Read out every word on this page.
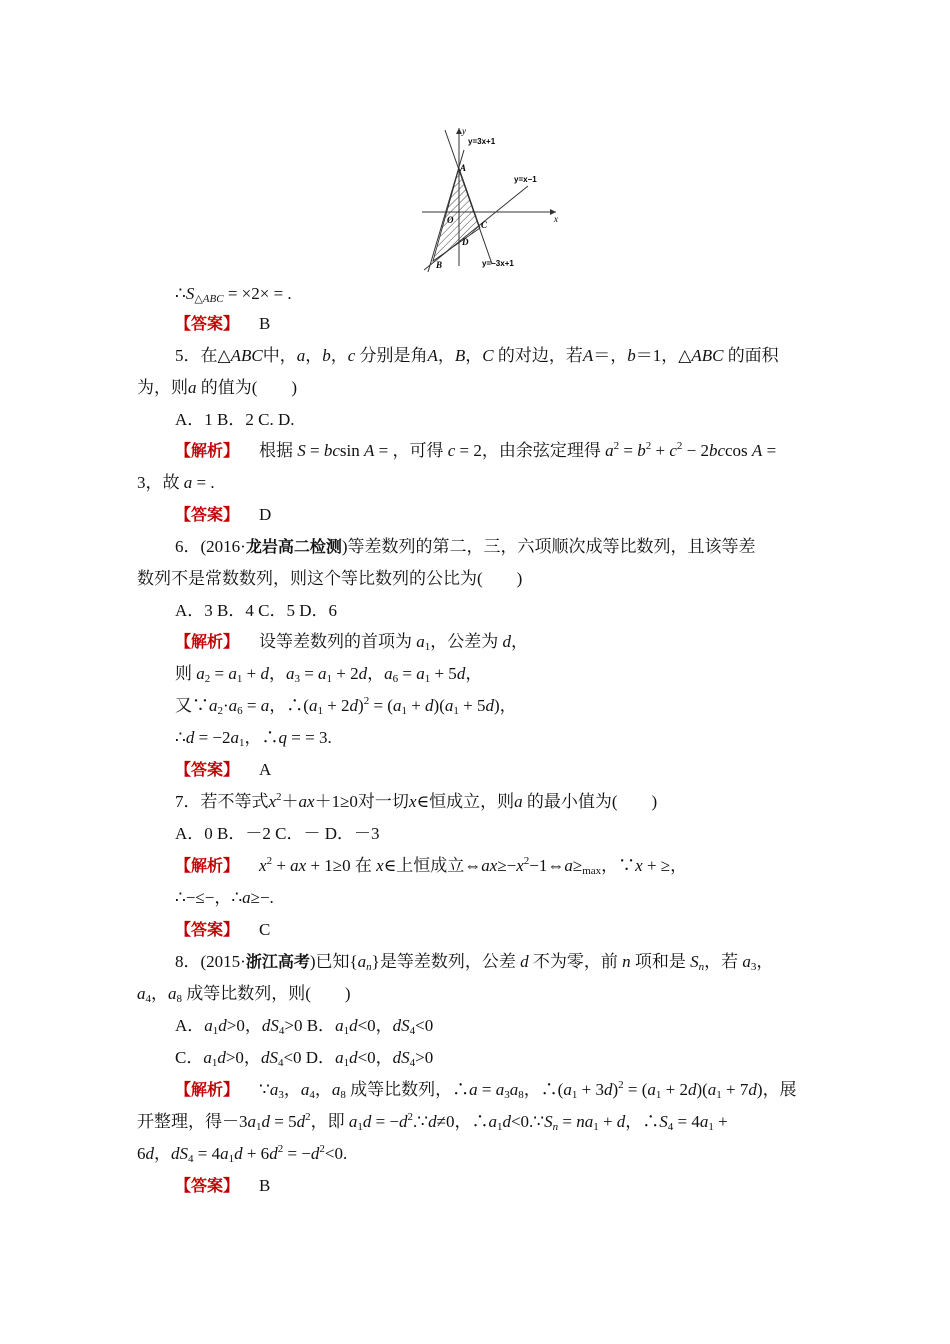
y
x
y=3x+1
y=x−1
y=−3x+1
A
B
C
D
O
$\therefore S_{\triangle ABC} = \times 2\times$ = .
【答案】 B
5．在△ABC中，a，b，c 分别是角A，B，C 的对边，若A＝，b＝1，△ABC 的面积
为，则a 的值为(　　)
A．1 B．2 C. D.
【解析】 根据 S = bcsin A = ，可得 c = 2，由余弦定理得 $a^2 = b^2 + c^2 - 2bccos$ A =
3，故 a = .
【答案】 D
6．(2016·龙岩高二检测)等差数列的第二，三，六项顺次成等比数列，且该等差
数列不是常数数列，则这个等比数列的公比为(　　)
A．3 B．4 C．5 D．6
【解析】 设等差数列的首项为 $a_1$，公差为 d，
则 $a_2 = a_1 + d$，$a_3 = a_1 + 2d$，$a_6 = a_1 + 5d$，
又$\because a_2\cdot a_6 = a$，$\therefore(a_1 + 2d)^2 = (a_1 + d)(a_1 + 5d)$，
∴d = $-2a_1$，∴q = = 3.
【答案】 A
7．若不等式$x^2+ax+1\ge 0$对一切x∈恒成立，则a 的最小值为(　　)
A．0 B．－2 C．－ D．－3
【解析】 $x^2$ + ax + 1≥0 在 x∈上恒成立$\Leftrightarrow ax\ge-x^2-1\Leftrightarrow a\ge_{max}$，∵x + ≥，
∴−≤−，∴a≥−.
【答案】 C
8．(2015·浙江高考)已知$\{a_n\}$是等差数列，公差 d 不为零，前 n 项和是 $S_n$，若 $a_3$，
$a_4$，$a_8$ 成等比数列，则(　　)
A．$a_1d>0$，$dS_4>0$ B．$a_1d<0$，$dS_4<0$
C．$a_1d>0$，$dS_4<0$ D．$a_1d<0$，$dS_4>0$
【解析】 $\because a_3$，$a_4$，$a_8$ 成等比数列，∴a = $a_3a_8$，$\therefore(a_1 + 3d)^2 = (a_1 + 2d)(a_1 + 7d)$，展
开整理，得$-3a_1d = 5d^2$，即 $a_1d$ = $-d^2.\because d\ne 0$，$\therefore a_1d<0.\because S_n = na_1 + d$，$\therefore S_4 = 4a_1$ +
6d，$dS_4 = 4a_1d + 6d^2 = -d^2<0$.
【答案】 B
